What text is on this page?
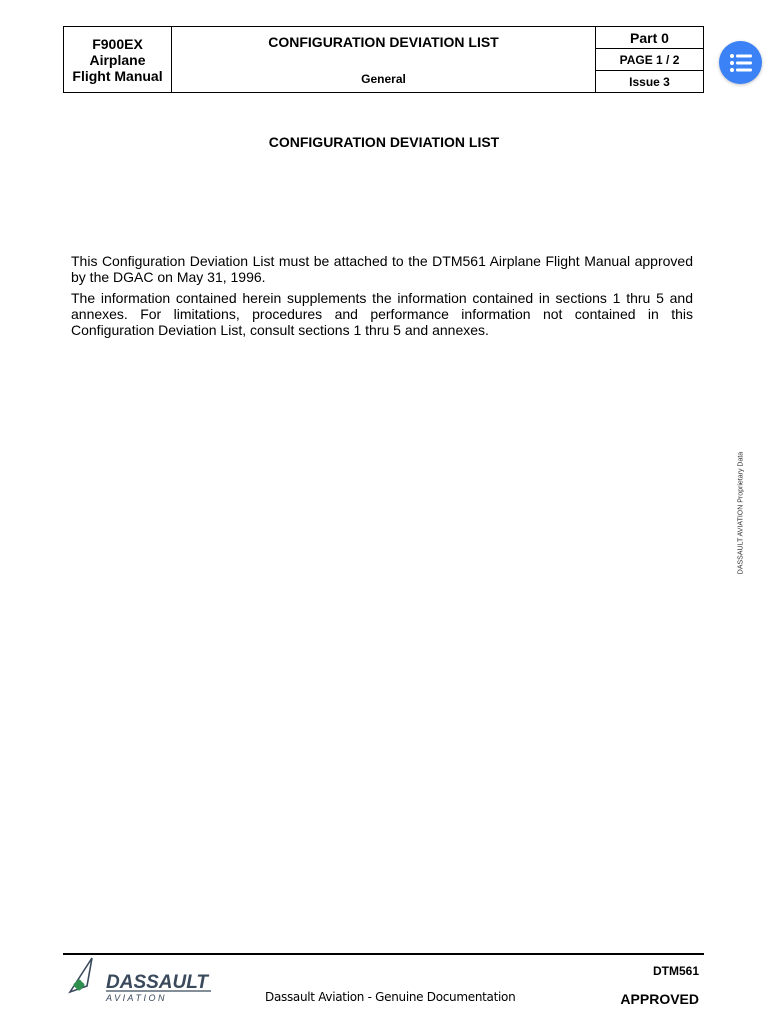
F900EX
Airplane
Flight Manual
CONFIGURATION DEVIATION LIST
General
Part 0
PAGE 1 / 2
Issue 3
CONFIGURATION DEVIATION LIST
This Configuration Deviation List must be attached to the DTM561 Airplane Flight Manual approved by the DGAC on May 31, 1996.
The information contained herein supplements the information contained in sections 1 thru 5 and annexes. For limitations, procedures and performance information not contained in this Configuration Deviation List, consult sections 1 thru 5 and annexes.
DASSAULT AVIATION Proprietary Data
DASSAULT
A V I A T I O N	Dassault Aviation - Genuine Documentation
DTM561
APPROVED
